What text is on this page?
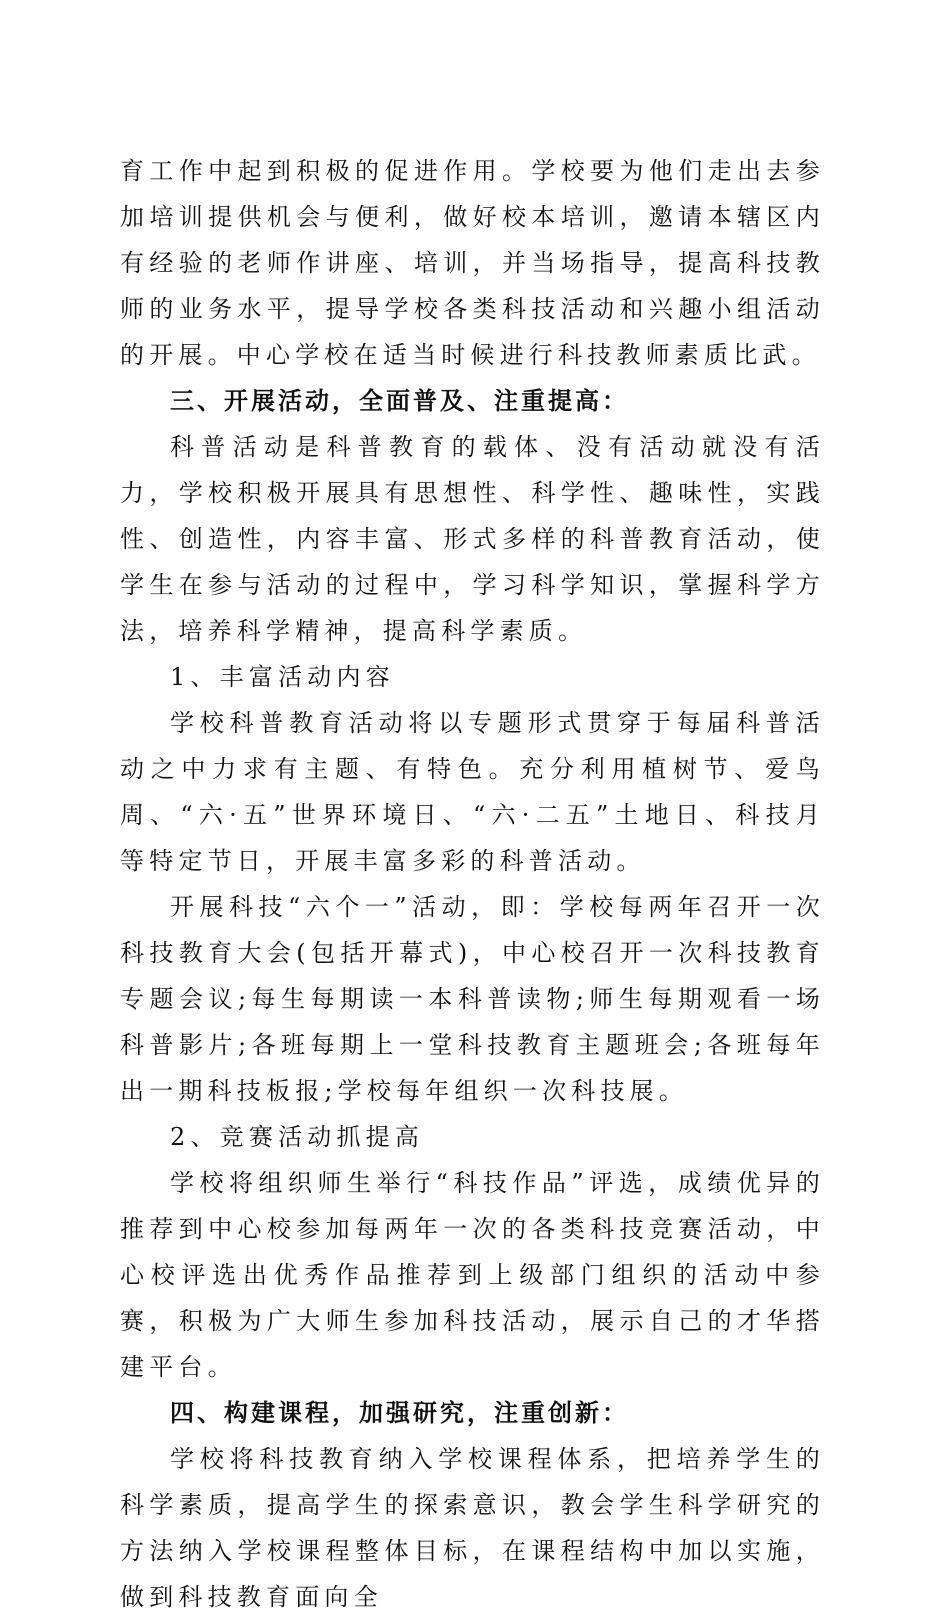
育工作中起到积极的促进作用。学校要为他们走出去参加培训提供机会与便利，做好校本培训，邀请本辖区内有经验的老师作讲座、培训，并当场指导，提高科技教师的业务水平，提导学校各类科技活动和兴趣小组活动的开展。中心学校在适当时候进行科技教师素质比武。

三、开展活动，全面普及、注重提高：

科普活动是科普教育的载体、没有活动就没有活力，学校积极开展具有思想性、科学性、趣味性，实践性、创造性，内容丰富、形式多样的科普教育活动，使学生在参与活动的过程中，学习科学知识，掌握科学方法，培养科学精神，提高科学素质。

1、丰富活动内容

学校科普教育活动将以专题形式贯穿于每届科普活动之中力求有主题、有特色。充分利用植树节、爱鸟周、“六·五”世界环境日、“六·二五”土地日、科技月等特定节日，开展丰富多彩的科普活动。

开展科技“六个一”活动，即：学校每两年召开一次科技教育大会(包括开幕式)，中心校召开一次科技教育专题会议;每生每期读一本科普读物;师生每期观看一场科普影片;各班每期上一堂科技教育主题班会;各班每年出一期科技板报;学校每年组织一次科技展。

2、竞赛活动抓提高

学校将组织师生举行“科技作品”评选，成绩优异的推荐到中心校参加每两年一次的各类科技竞赛活动，中心校评选出优秀作品推荐到上级部门组织的活动中参赛，积极为广大师生参加科技活动，展示自己的才华搭建平台。

四、构建课程，加强研究，注重创新：

学校将科技教育纳入学校课程体系，把培养学生的科学素质，提高学生的探索意识，教会学生科学研究的方法纳入学校课程整体目标，在课程结构中加以实施，做到科技教育面向全
